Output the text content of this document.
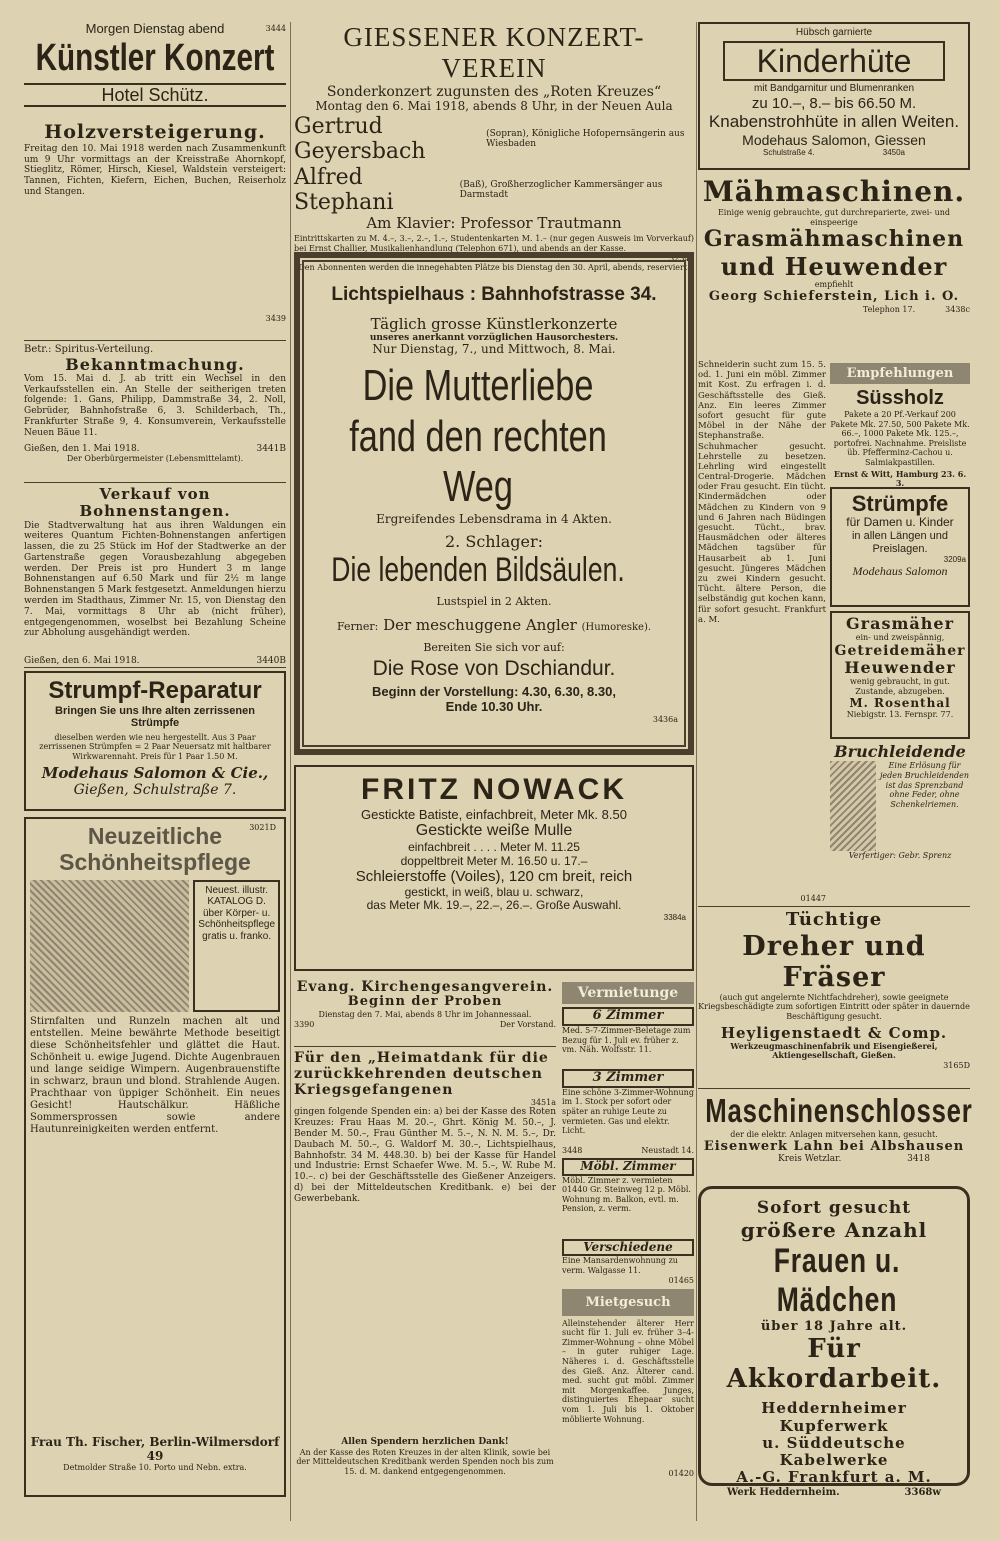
Morgen Dienstag abend	3444
Künstler Konzert
Hotel Schütz.
Holzversteigerung.
Freitag den 10. Mai 1918 werden nach Zusammenkunft um 9 Uhr vormittags an der Kreisstraße Ahornkopf, Stieglitz, Römer, Hirsch, Kiesel, Waldstein versteigert: Tannen, Fichten, Kiefern, Eichen, Buchen, Reiserholz und Stangen.
3439
Betr.: Spiritus-Verteilung.
Bekanntmachung.
Vom 15. Mai d. J. ab tritt ein Wechsel in den Verkaufsstellen ein. An Stelle der seitherigen treten folgende: 1. Gans, Philipp, Dammstraße 34, 2. Noll, Gebrüder, Bahnhofstraße 6, 3. Schilderbach, Th., Frankfurter Straße 9, 4. Konsumverein, Verkaufsstelle Neuen Bäue 11.
Gießen, den 1. Mai 1918.	3441B
Der Oberbürgermeister (Lebensmittelamt).
Verkauf von Bohnenstangen.
Die Stadtverwaltung hat aus ihren Waldungen ein weiteres Quantum Fichten-Bohnenstangen anfertigen lassen, die zu 25 Stück im Hof der Stadtwerke an der Gartenstraße gegen Vorausbezahlung abgegeben werden. Der Preis ist pro Hundert 3 m lange Bohnenstangen auf 6.50 Mark und für 2½ m lange Bohnenstangen 5 Mark festgesetzt. Anmeldungen hierzu werden im Stadthaus, Zimmer Nr. 15, von Dienstag den 7. Mai, vormittags 8 Uhr ab (nicht früher), entgegengenommen, woselbst bei Bezahlung Scheine zur Abholung ausgehändigt werden.
Gießen, den 6. Mai 1918.	3440B
Strumpf-Reparatur
Bringen Sie uns Ihre alten zerrissenen Strümpfe
dieselben werden wie neu hergestellt. Aus 3 Paar zerrissenen Strümpfen = 2 Paar Neuersatz mit haltbarer Wirkwarennaht. Preis für 1 Paar 1.50 M.
Modehaus Salomon & Cie.,
Gießen, Schulstraße 7.
3021D
Neuzeitliche
Schönheitspflege
Neuest. illustr. KATALOG D. über Körper- u. Schönheitspflege gratis u. franko.
Stirnfalten und Runzeln machen alt und entstellen. Meine bewährte Methode beseitigt diese Schönheitsfehler und glättet die Haut. Schönheit u. ewige Jugend. Dichte Augenbrauen und lange seidige Wimpern. Augenbrauenstifte in schwarz, braun und blond. Strahlende Augen. Prachthaar von üppiger Schönheit. Ein neues Gesicht! Hautschälkur. Häßliche Sommersprossen sowie andere Hautunreinigkeiten werden entfernt.
Frau Th. Fischer, Berlin-Wilmersdorf 49
Detmolder Straße 10. Porto und Nebn. extra.
GIESSENER KONZERT-VEREIN
Sonderkonzert zugunsten des „Roten Kreuzes“
Montag den 6. Mai 1918, abends 8 Uhr, in der Neuen Aula
Gertrud Geyersbach
(Sopran), Königliche Hofopernsängerin aus Wiesbaden
Alfred Stephani
(Baß), Großherzoglicher Kammersänger aus Darmstadt
Am Klavier: Professor Trautmann
Eintrittskarten zu M. 4.–, 3.–, 2.–, 1.–, Studentenkarten M. 1.– (nur gegen Ausweis im Vorverkauf) bei Ernst Challier, Musikalienhandlung (Telephon 671), und abends an der Kasse.
3234c
Den Abonnenten werden die innegehabten Plätze bis Dienstag den 30. April, abends, reserviert.
Lichtspielhaus : Bahnhofstrasse 34.
Täglich grosse Künstlerkonzerte
unseres anerkannt vorzüglichen Hausorchesters.
Nur Dienstag, 7., und Mittwoch, 8. Mai.
Die Mutterliebe fand den rechten Weg
Ergreifendes Lebensdrama in 4 Akten.
2. Schlager:
Die lebenden Bildsäulen.
Lustspiel in 2 Akten.
Ferner: Der meschuggene Angler (Humoreske).
Bereiten Sie sich vor auf:
Die Rose von Dschiandur.
Beginn der Vorstellung: 4.30, 6.30, 8.30,
Ende 10.30 Uhr.
3436a
FRITZ NOWACK
Gestickte Batiste, einfachbreit, Meter Mk. 8.50
Gestickte weiße Mulle
einfachbreit . . . . Meter M. 11.25
doppeltbreit Meter M. 16.50 u. 17.–
Schleierstoffe (Voiles), 120 cm breit, reich
gestickt, in weiß, blau u. schwarz,
das Meter Mk. 19.–, 22.–, 26.–. Große Auswahl.
3384a
Evang. Kirchengesangverein.
Beginn der Proben
Dienstag den 7. Mai, abends 8 Uhr im Johannessaal.
3390	Der Vorstand.
Für den „Heimatdank für die zurückkehrenden deutschen Kriegsgefangenen
3451a
gingen folgende Spenden ein: a) bei der Kasse des Roten Kreuzes: Frau Haas M. 20.–, Ghrt. König M. 50.–, J. Bender M. 50.–, Frau Günther M. 5.–, N. N. M. 5.–, Dr. Daubach M. 50.–, G. Waldorf M. 30.–, Lichtspielhaus, Bahnhofstr. 34 M. 448.30. b) bei der Kasse für Handel und Industrie: Ernst Schaefer Wwe. M. 5.–, W. Rube M. 10.–. c) bei der Geschäftsstelle des Gießener Anzeigers. d) bei der Mitteldeutschen Kreditbank. e) bei der Gewerbebank.
Allen Spendern herzlichen Dank!
An der Kasse des Roten Kreuzes in der alten Klinik, sowie bei der Mitteldeutschen Kreditbank werden Spenden noch bis zum 15. d. M. dankend entgegengenommen.
Vermietunge
6 Zimmer
Med. 5-7-Zimmer-Beletage zum Bezug für 1. Juli ev. früher z. vm. Näh. Wolfsstr. 11.
3 Zimmer
Eine schöne 3-Zimmer-Wohnung im 1. Stock per sofort oder später an ruhige Leute zu vermieten. Gas und elektr. Licht.
3448	Neustadt 14.
Möbl. Zimmer
Möbl. Zimmer z. vermieten 01440 Gr. Steinweg 12 p. Möbl. Wohnung m. Balkon, evtl. m. Pension, z. verm.
Verschiedene
Eine Mansardenwohnung zu verm. Walgasse 11.
01465
Mietgesuch
Alleinstehender älterer Herr sucht für 1. Juli ev. früher 3–4-Zimmer-Wohnung – ohne Möbel – in guter ruhiger Lage. Näheres i. d. Geschäftsstelle des Gieß. Anz. Älterer cand. med. sucht gut möbl. Zimmer mit Morgenkaffee. Junges, distinguiertes Ehepaar sucht vom 1. Juli bis 1. Oktober möblierte Wohnung.
01420
Hübsch garnierte
Kinderhüte
mit Bandgarnitur und Blumenranken
zu 10.–, 8.– bis 66.50 M.
Knabenstrohhüte in allen Weiten.
Modehaus Salomon, Giessen
Schulstraße 4.	3450a
Mähmaschinen.
Einige wenig gebrauchte, gut durchreparierte, zwei- und einspeerige
Grasmähmaschinen
und Heuwender
empfiehlt
Georg Schieferstein, Lich i. O.
Telephon 17.	3438c
Schneiderin sucht zum 15. 5. od. 1. Juni ein möbl. Zimmer mit Kost. Zu erfragen i. d. Geschäftsstelle des Gieß. Anz. Ein leeres Zimmer sofort gesucht für gute Möbel in der Nähe der Stephanstraße. Schuhmacher gesucht. Lehrstelle zu besetzen. Lehrling wird eingestellt Central-Drogerie. Mädchen oder Frau gesucht. Ein tücht. Kindermädchen oder Mädchen zu Kindern von 9 und 6 Jahren nach Büdingen gesucht. Tücht., brav. Hausmädchen oder älteres Mädchen tagsüber für Hausarbeit ab 1. Juni gesucht. Jüngeres Mädchen zu zwei Kindern gesucht. Tücht. ältere Person, die selbständig gut kochen kann, für sofort gesucht. Frankfurt a. M.
01447
Empfehlungen
Süssholz
Pakete a 20 Pf.-Verkauf 200 Pakete Mk. 27.50, 500 Pakete Mk. 66.–, 1000 Pakete Mk. 125.–, portofrei. Nachnahme. Preisliste üb. Pfefferminz-Cachou u. Salmiakpastillen.
Ernst & Witt, Hamburg 23. 6. 3.
Strümpfe
für Damen u. Kinder
in allen Längen und Preislagen.
3209a
Modehaus Salomon
Grasmäher
ein- und zweispännig,
Getreidemäher
Heuwender
wenig gebraucht, in gut. Zustande, abzugeben.
M. Rosenthal
Niebigstr. 13. Fernspr. 77.
Bruchleidende
Eine Erlösung für jeden Bruchleidenden ist das Sprenzband ohne Feder, ohne Schenkelriemen.
Verfertiger: Gebr. Sprenz
Tüchtige
Dreher und Fräser
(auch gut angelernte Nichtfachdreher), sowie geeignete Kriegsbeschädigte zum sofortigen Eintritt oder später in dauernde Beschäftigung gesucht.
Heyligenstaedt & Comp.
Werkzeugmaschinenfabrik und Eisengießerei, Aktiengesellschaft, Gießen.
3165D
Maschinenschlosser
der die elektr. Anlagen mitversehen kann, gesucht.
Eisenwerk Lahn bei Albshausen
Kreis Wetzlar.	3418
Sofort gesucht
größere Anzahl
Frauen u. Mädchen
über 18 Jahre alt.
Für Akkordarbeit.
Heddernheimer Kupferwerk
u. Süddeutsche Kabelwerke
A.-G. Frankfurt a. M.
Werk Heddernheim.	3368w
